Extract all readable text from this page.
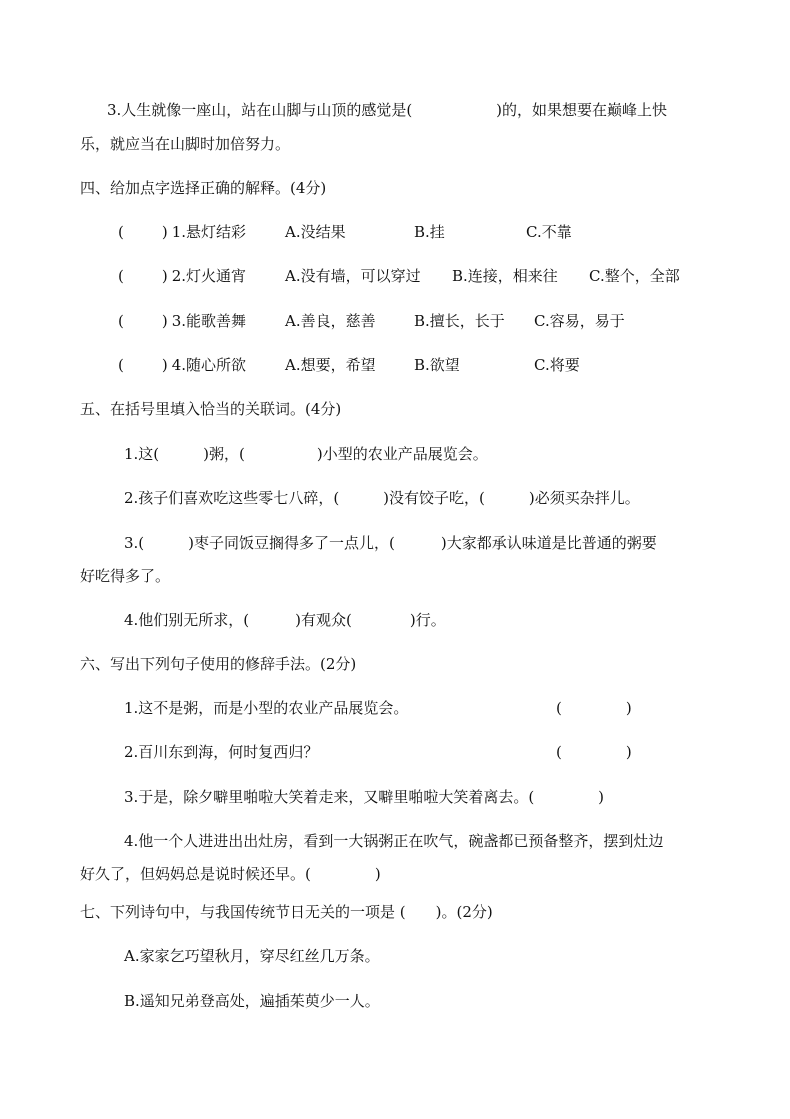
3.人生就像一座山，站在山脚与山顶的感觉是(	)的，如果想要在巅峰上快
乐，就应当在山脚时加倍努力。
四、给加点字选择正确的解释。(4分)
(	) 1.悬灯结彩	A.没结果	B.挂	C.不靠
(	) 2.灯火通宵	A.没有墙，可以穿过 B.连接，相来往 C.整个，全部
(	) 3.能歌善舞	A.善良，慈善	B.擅长，长于 C.容易，易于
(	) 4.随心所欲	A.想要，希望	B.欲望	C.将要
五、在括号里填入恰当的关联词。(4分)
1.这(	)粥，(	)小型的农业产品展览会。
2.孩子们喜欢吃这些零七八碎，(	)没有饺子吃，(	)必须买杂拌儿。
3.(	)枣子同饭豆搁得多了一点儿，(	)大家都承认味道是比普通的粥要
好吃得多了。
4.他们别无所求，(	)有观众(	)行。
六、写出下列句子使用的修辞手法。(2分)
1.这不是粥，而是小型的农业产品展览会。	(	)
2.百川东到海，何时复西归？	(	)
3.于是，除夕噼里啪啦大笑着走来，又噼里啪啦大笑着离去。(	)
4.他一个人进进出出灶房，看到一大锅粥正在吹气，碗盏都已预备整齐，摆到灶边
好久了，但妈妈总是说时候还早。(	)
七、下列诗句中，与我国传统节日无关的一项是 ( )。(2分)
A.家家乞巧望秋月，穿尽红丝几万条。
B.遥知兄弟登高处，遍插茱萸少一人。
